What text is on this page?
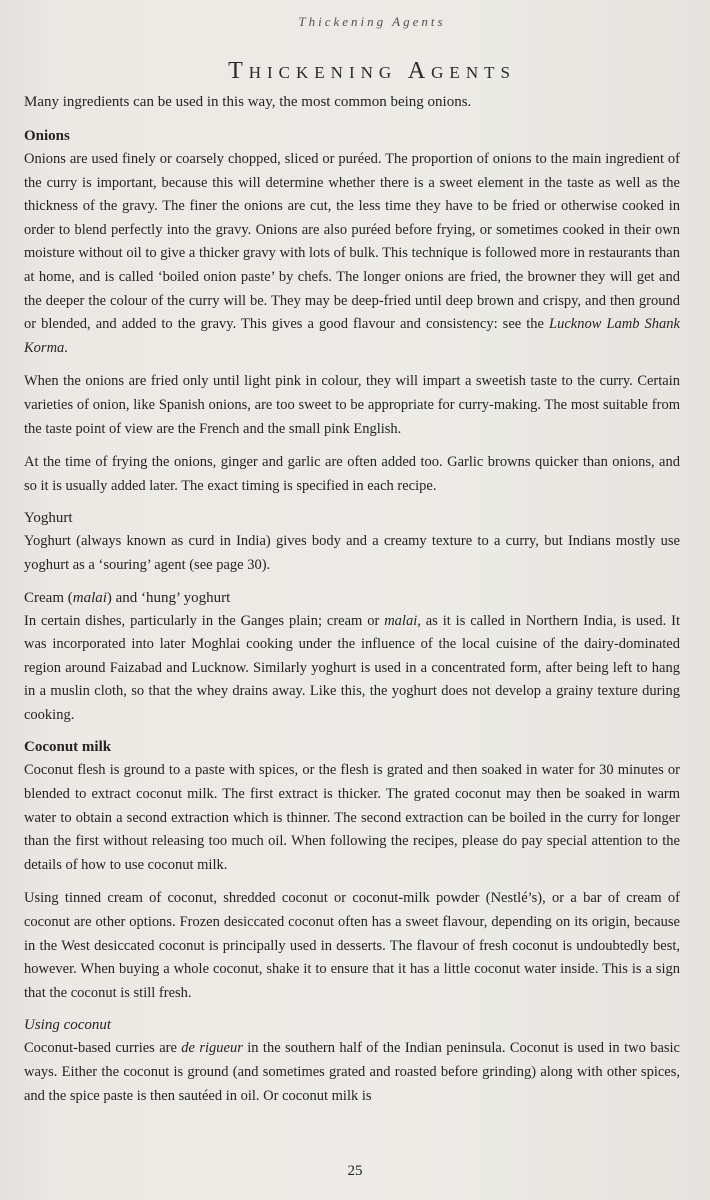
Thickening Agents
Thickening Agents
Many ingredients can be used in this way, the most common being onions.
Onions

Onions are used finely or coarsely chopped, sliced or puréed. The proportion of onions to the main ingredient of the curry is important, because this will determine whether there is a sweet element in the taste as well as the thickness of the gravy. The finer the onions are cut, the less time they have to be fried or otherwise cooked in order to blend perfectly into the gravy. Onions are also puréed before frying, or sometimes cooked in their own moisture without oil to give a thicker gravy with lots of bulk. This technique is followed more in restaurants than at home, and is called ‘boiled onion paste’ by chefs. The longer onions are fried, the browner they will get and the deeper the colour of the curry will be. They may be deep-fried until deep brown and crispy, and then ground or blended, and added to the gravy. This gives a good flavour and consistency: see the Lucknow Lamb Shank Korma.

When the onions are fried only until light pink in colour, they will impart a sweetish taste to the curry. Certain varieties of onion, like Spanish onions, are too sweet to be appropriate for curry-making. The most suitable from the taste point of view are the French and the small pink English.

At the time of frying the onions, ginger and garlic are often added too. Garlic browns quicker than onions, and so it is usually added later. The exact timing is specified in each recipe.

Yoghurt

Yoghurt (always known as curd in India) gives body and a creamy texture to a curry, but Indians mostly use yoghurt as a ‘souring’ agent (see page 30).

Cream (malai) and ‘hung’ yoghurt

In certain dishes, particularly in the Ganges plain; cream or malai, as it is called in Northern India, is used. It was incorporated into later Moghlai cooking under the influence of the local cuisine of the dairy-dominated region around Faizabad and Lucknow. Similarly yoghurt is used in a concentrated form, after being left to hang in a muslin cloth, so that the whey drains away. Like this, the yoghurt does not develop a grainy texture during cooking.

Coconut milk

Coconut flesh is ground to a paste with spices, or the flesh is grated and then soaked in water for 30 minutes or blended to extract coconut milk. The first extract is thicker. The grated coconut may then be soaked in warm water to obtain a second extraction which is thinner. The second extraction can be boiled in the curry for longer than the first without releasing too much oil. When following the recipes, please do pay special attention to the details of how to use coconut milk.

Using tinned cream of coconut, shredded coconut or coconut-milk powder (Nestlé’s), or a bar of cream of coconut are other options. Frozen desiccated coconut often has a sweet flavour, depending on its origin, because in the West desiccated coconut is principally used in desserts. The flavour of fresh coconut is undoubtedly best, however. When buying a whole coconut, shake it to ensure that it has a little coconut water inside. This is a sign that the coconut is still fresh.

Using coconut

Coconut-based curries are de rigueur in the southern half of the Indian peninsula. Coconut is used in two basic ways. Either the coconut is ground (and sometimes grated and roasted before grinding) along with other spices, and the spice paste is then sautéed in oil. Or coconut milk is

25
